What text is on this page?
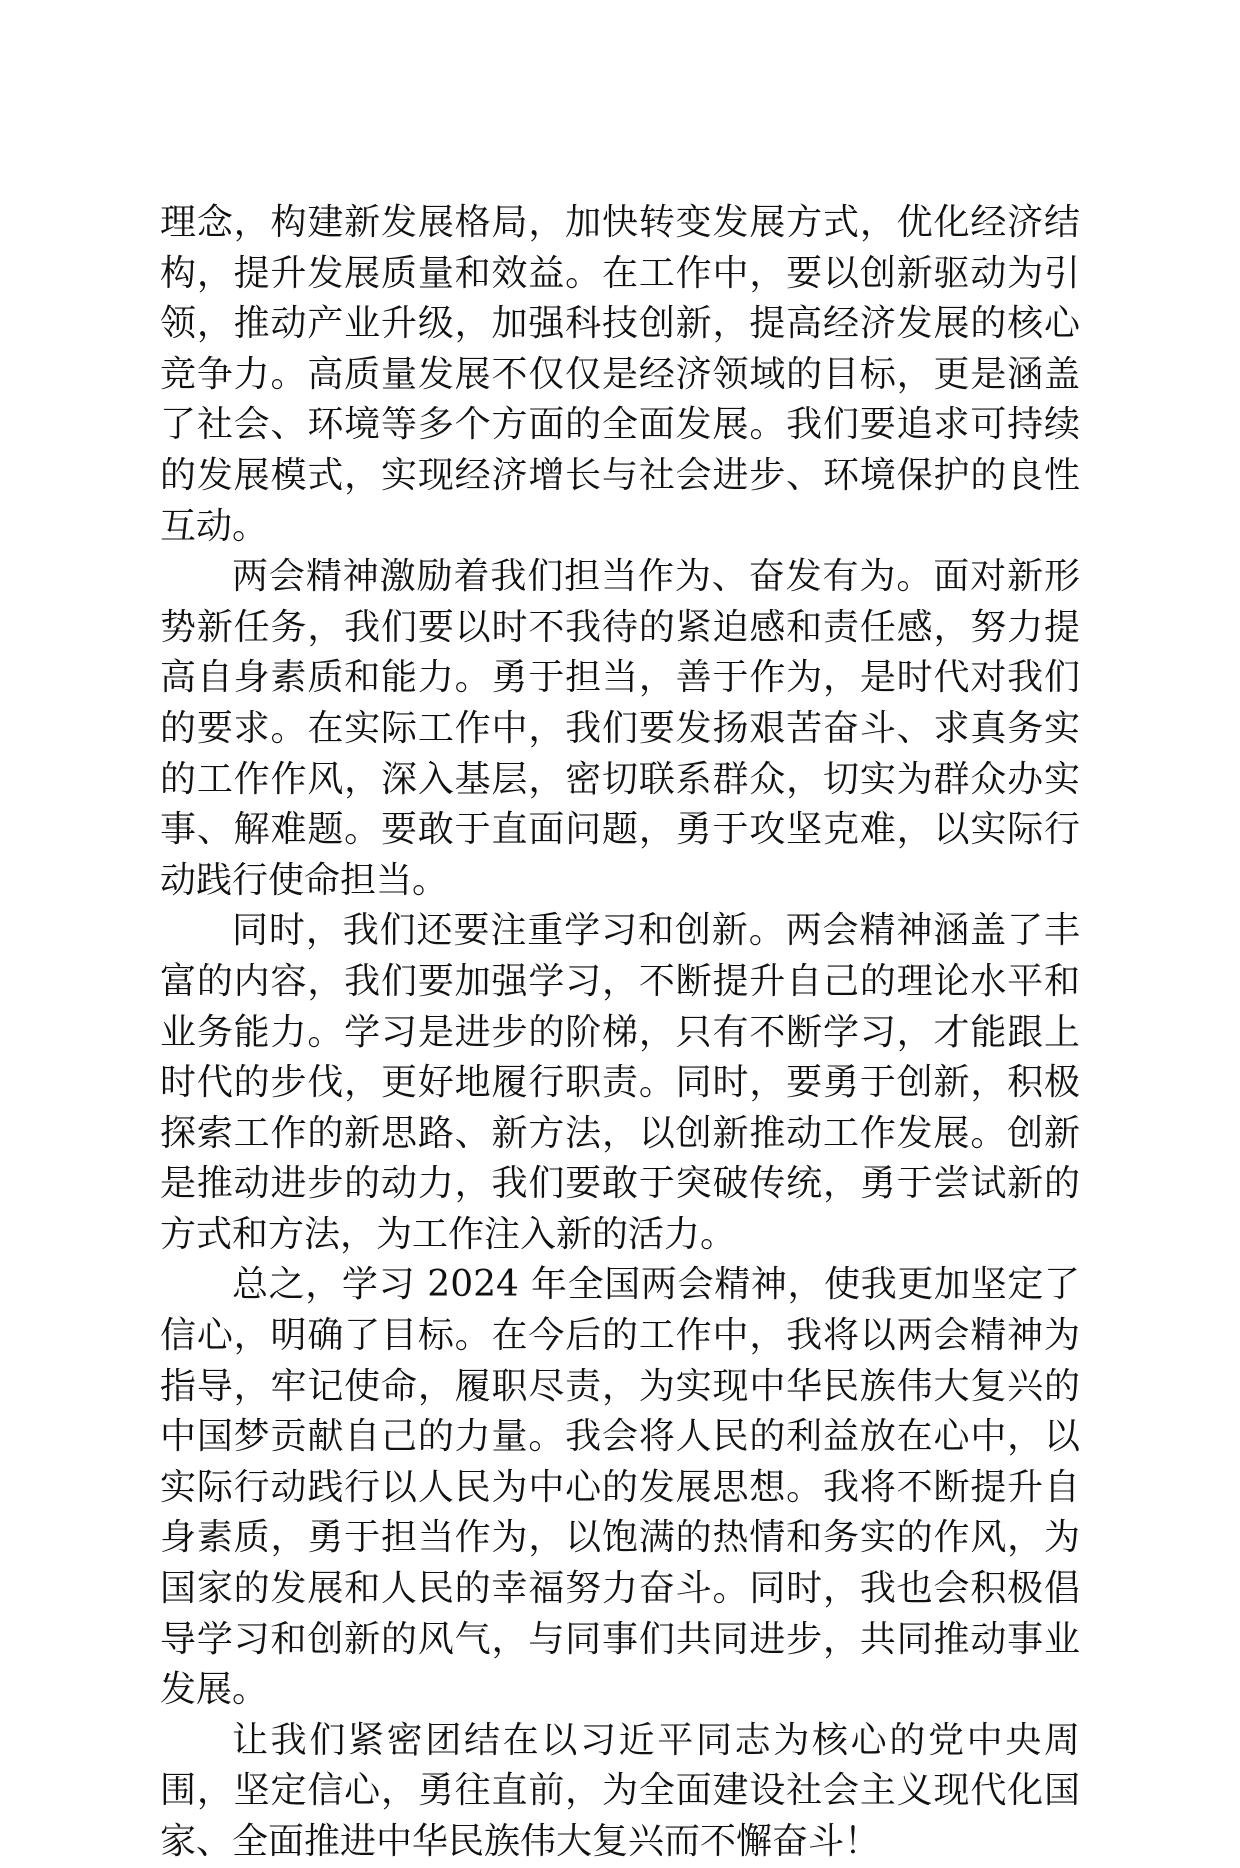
理念，构建新发展格局，加快转变发展方式，优化经济结构，提升发展质量和效益。在工作中，要以创新驱动为引领，推动产业升级，加强科技创新，提高经济发展的核心竞争力。高质量发展不仅仅是经济领域的目标，更是涵盖了社会、环境等多个方面的全面发展。我们要追求可持续的发展模式，实现经济增长与社会进步、环境保护的良性互动。

两会精神激励着我们担当作为、奋发有为。面对新形势新任务，我们要以时不我待的紧迫感和责任感，努力提高自身素质和能力。勇于担当，善于作为，是时代对我们的要求。在实际工作中，我们要发扬艰苦奋斗、求真务实的工作作风，深入基层，密切联系群众，切实为群众办实事、解难题。要敢于直面问题，勇于攻坚克难，以实际行动践行使命担当。

同时，我们还要注重学习和创新。两会精神涵盖了丰富的内容，我们要加强学习，不断提升自己的理论水平和业务能力。学习是进步的阶梯，只有不断学习，才能跟上时代的步伐，更好地履行职责。同时，要勇于创新，积极探索工作的新思路、新方法，以创新推动工作发展。创新是推动进步的动力，我们要敢于突破传统，勇于尝试新的方式和方法，为工作注入新的活力。

总之，学习 2024 年全国两会精神，使我更加坚定了信心，明确了目标。在今后的工作中，我将以两会精神为指导，牢记使命，履职尽责，为实现中华民族伟大复兴的中国梦贡献自己的力量。我会将人民的利益放在心中，以实际行动践行以人民为中心的发展思想。我将不断提升自身素质，勇于担当作为，以饱满的热情和务实的作风，为国家的发展和人民的幸福努力奋斗。同时，我也会积极倡导学习和创新的风气，与同事们共同进步，共同推动事业发展。

让我们紧密团结在以习近平同志为核心的党中央周围，坚定信心，勇往直前，为全面建设社会主义现代化国家、全面推进中华民族伟大复兴而不懈奋斗！
